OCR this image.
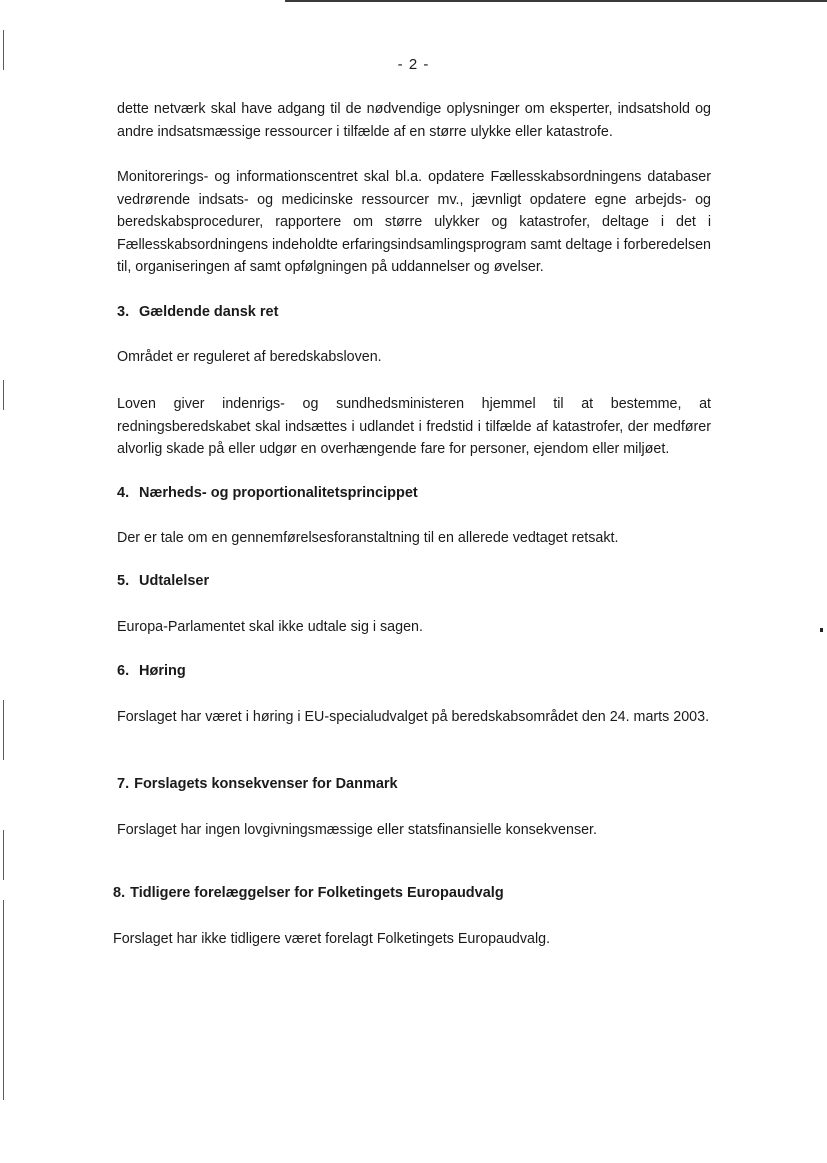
- 2 -

dette netværk skal have adgang til de nødvendige oplysninger om eksperter, indsatshold og andre indsatsmæssige ressourcer i tilfælde af en større ulykke eller katastrofe.

Monitorerings- og informationscentret skal bl.a. opdatere Fællesskabsordningens databaser vedrørende indsats- og medicinske ressourcer mv., jævnligt opdatere egne arbejds- og beredskabsprocedurer, rapportere om større ulykker og katastrofer, deltage i det i Fællesskabsordningens indeholdte erfaringsindsamlingsprogram samt deltage i forberedelsen til, organiseringen af samt opfølgningen på uddannelser og øvelser.

3. Gældende dansk ret

Området er reguleret af beredskabsloven.

Loven giver indenrigs- og sundhedsministeren hjemmel til at bestemme, at redningsberedskabet skal indsættes i udlandet i fredstid i tilfælde af katastrofer, der medfører alvorlig skade på eller udgør en overhængende fare for personer, ejendom eller miljøet.

4. Nærheds- og proportionalitetsprincippet

Der er tale om en gennemførelsesforanstaltning til en allerede vedtaget retsakt.

5. Udtalelser

Europa-Parlamentet skal ikke udtale sig i sagen.

6. Høring

Forslaget har været i høring i EU-specialudvalget på beredskabsområdet den 24. marts 2003.

7. Forslagets konsekvenser for Danmark

Forslaget har ingen lovgivningsmæssige eller statsfinansielle konsekvenser.

8. Tidligere forelæggelser for Folketingets Europaudvalg

Forslaget har ikke tidligere været forelagt Folketingets Europaudvalg.
